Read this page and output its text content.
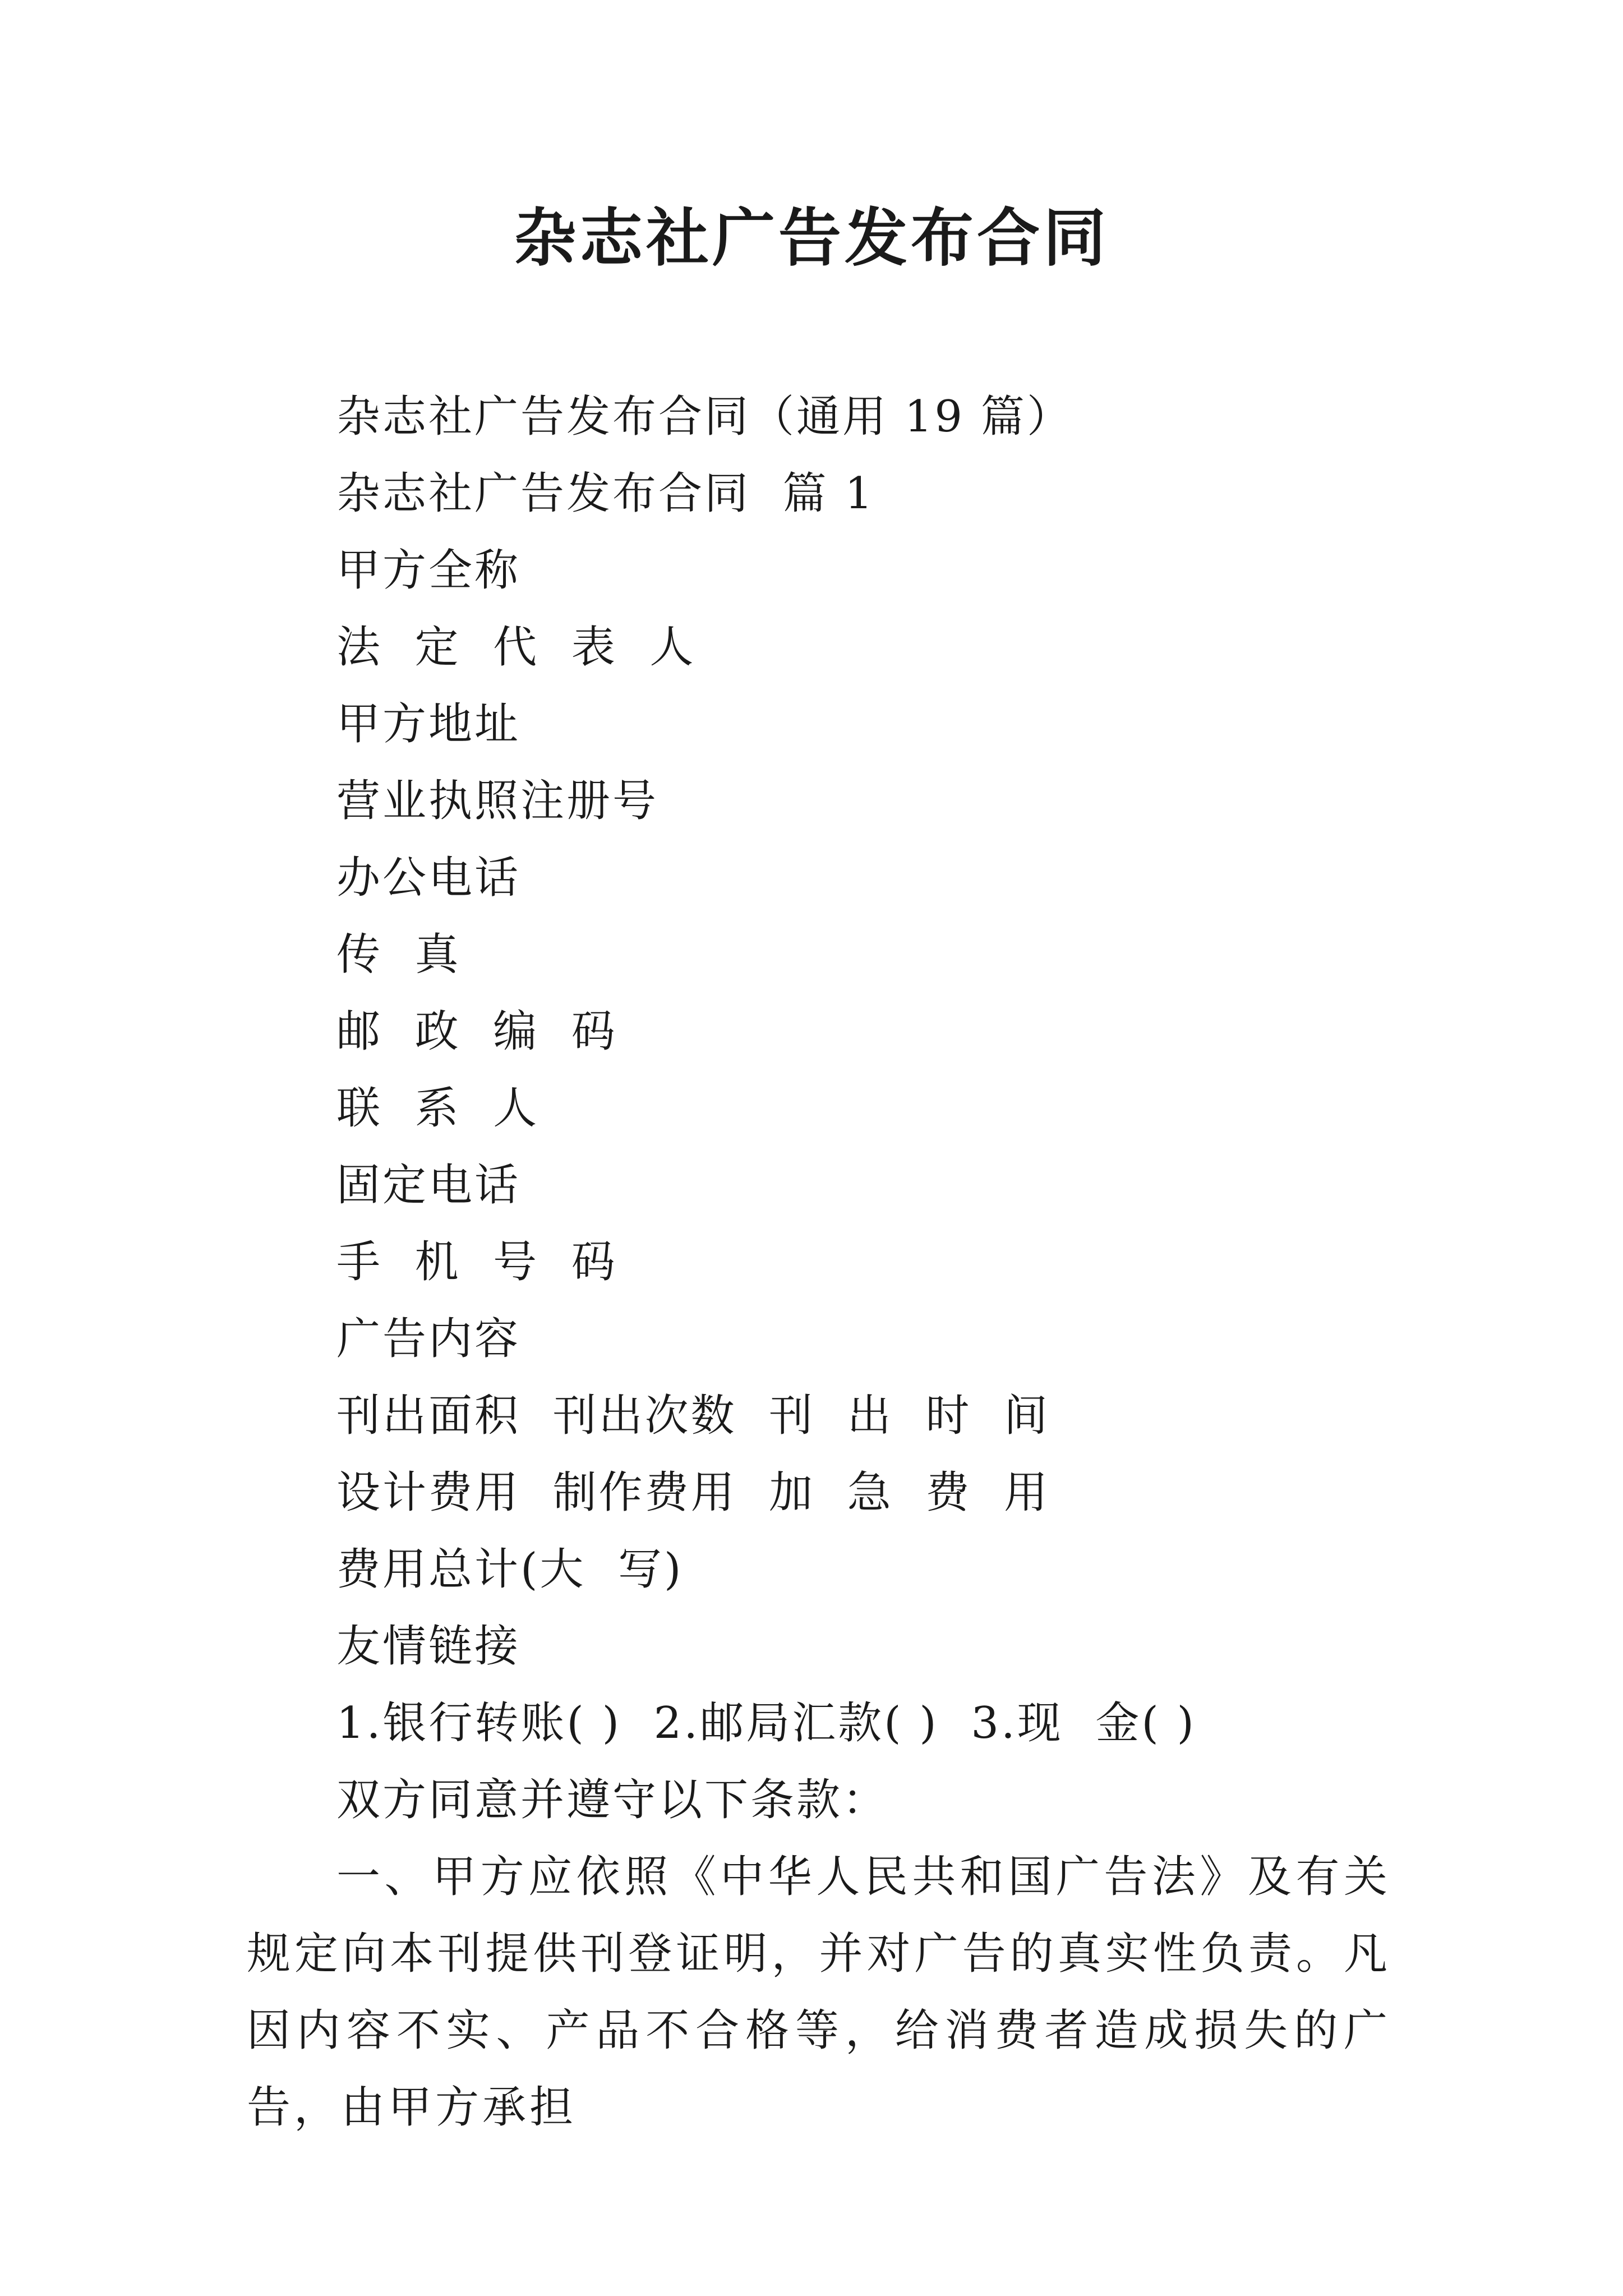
杂志社广告发布合同
杂志社广告发布合同（通用 19 篇）
杂志社广告发布合同  篇 1
甲方全称
法  定  代  表  人
甲方地址
营业执照注册号
办公电话
传  真
邮  政  编  码
联  系  人
固定电话
手  机  号  码
广告内容
刊出面积  刊出次数  刊  出  时  间
设计费用  制作费用  加  急  费  用
费用总计(大  写)
友情链接
1.银行转账( )  2.邮局汇款( )  3.现  金( )
双方同意并遵守以下条款：

一、甲方应依照《中华人民共和国广告法》及有关规定向本刊提供刊登证明，并对广告的真实性负责。凡因内容不实、产品不合格等，给消费者造成损失的广告，由甲方承担
